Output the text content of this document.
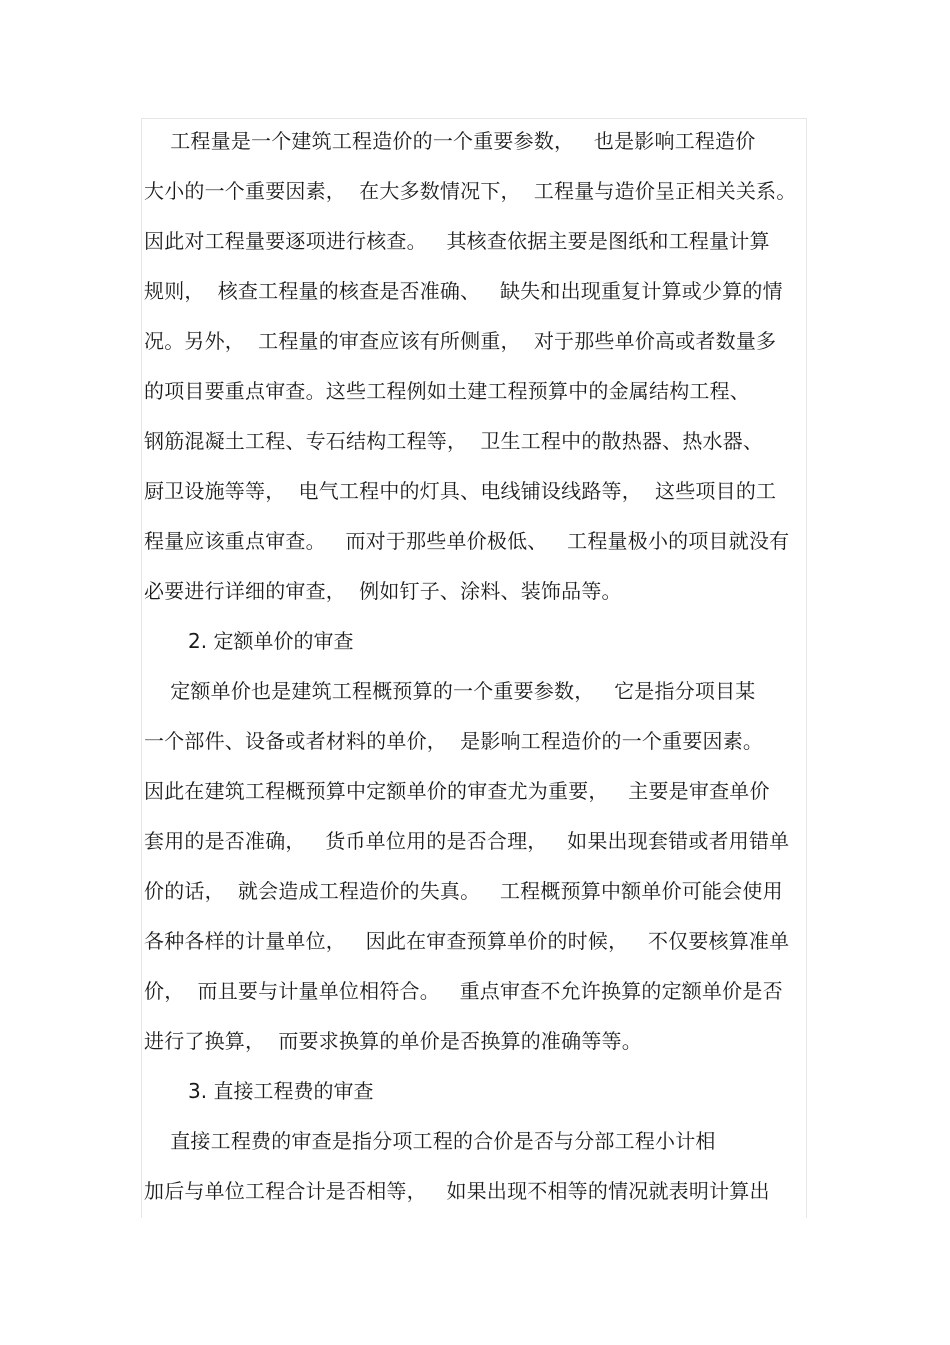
工程量是一个建筑工程造价的一个重要参数，   也是影响工程造价
大小的一个重要因素，  在大多数情况下，  工程量与造价呈正相关关系。
因此对工程量要逐项进行核查。   其核查依据主要是图纸和工程量计算
规则，  核查工程量的核查是否准确、   缺失和出现重复计算或少算的情
况。另外，  工程量的审查应该有所侧重，  对于那些单价高或者数量多
的项目要重点审查。这些工程例如土建工程预算中的金属结构工程、
钢筋混凝土工程、专石结构工程等，  卫生工程中的散热器、热水器、
厨卫设施等等，  电气工程中的灯具、电线铺设线路等，  这些项目的工
程量应该重点审查。   而对于那些单价极低、   工程量极小的项目就没有
必要进行详细的审查，  例如钉子、涂料、装饰品等。
2. 定额单价的审查
定额单价也是建筑工程概预算的一个重要参数，   它是指分项目某
一个部件、设备或者材料的单价，  是影响工程造价的一个重要因素。
因此在建筑工程概预算中定额单价的审查尤为重要，   主要是审查单价
套用的是否准确，   货币单位用的是否合理，   如果出现套错或者用错单
价的话，  就会造成工程造价的失真。   工程概预算中额单价可能会使用
各种各样的计量单位，   因此在审查预算单价的时候，   不仅要核算准单
价，  而且要与计量单位相符合。   重点审查不允许换算的定额单价是否
进行了换算，  而要求换算的单价是否换算的准确等等。
3. 直接工程费的审查
直接工程费的审查是指分项工程的合价是否与分部工程小计相
加后与单位工程合计是否相等，   如果出现不相等的情况就表明计算出
